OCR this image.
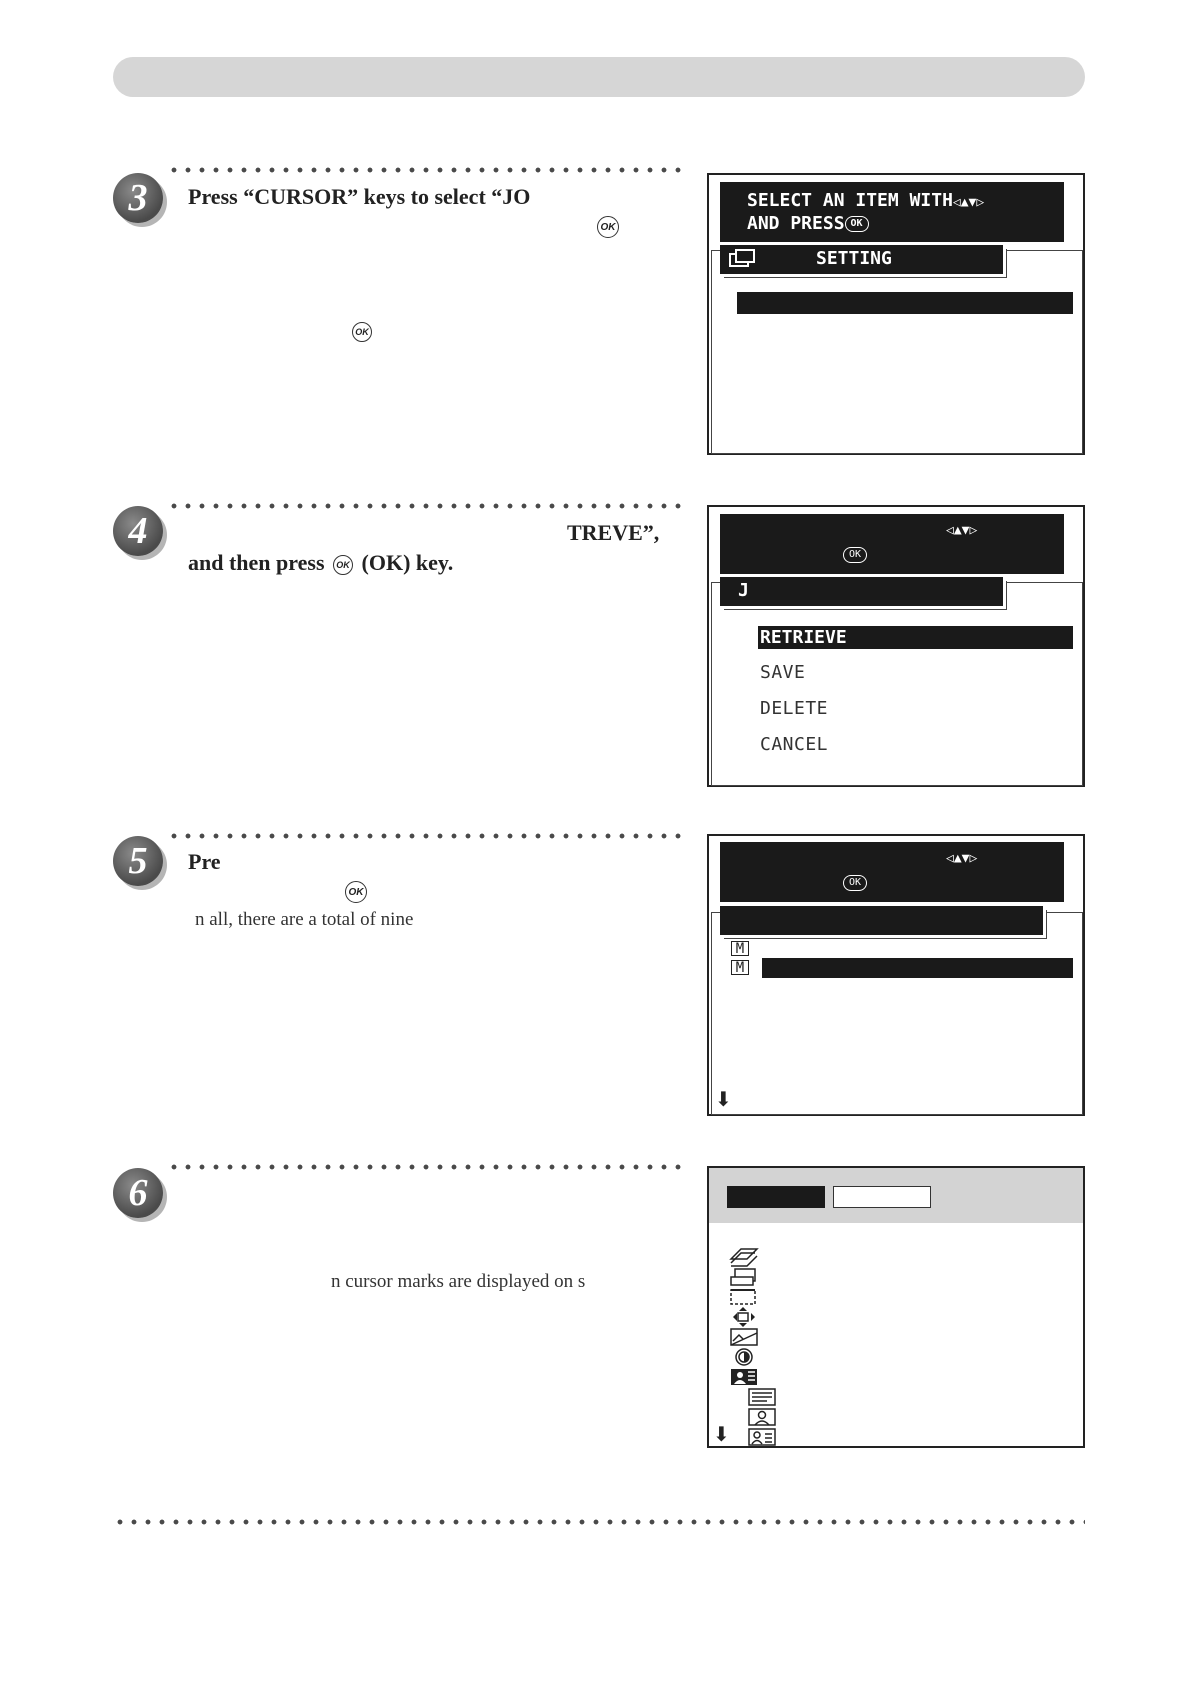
3	Press “CURSOR” keys to select “JO
OK
OK
SELECT AN ITEM WITH◁▲▼▷
AND PRESS OK
SETTING
4	TREVE”,
and then press OK (OK) key.
◁▲▼▷
OK
J
RETRIEVE
SAVE
DELETE
CANCEL
5	Pre
OK
n all, there are a total of nine
◁▲▼▷
OK
M
M
⬇
6
n cursor marks are displayed on s
⬇
